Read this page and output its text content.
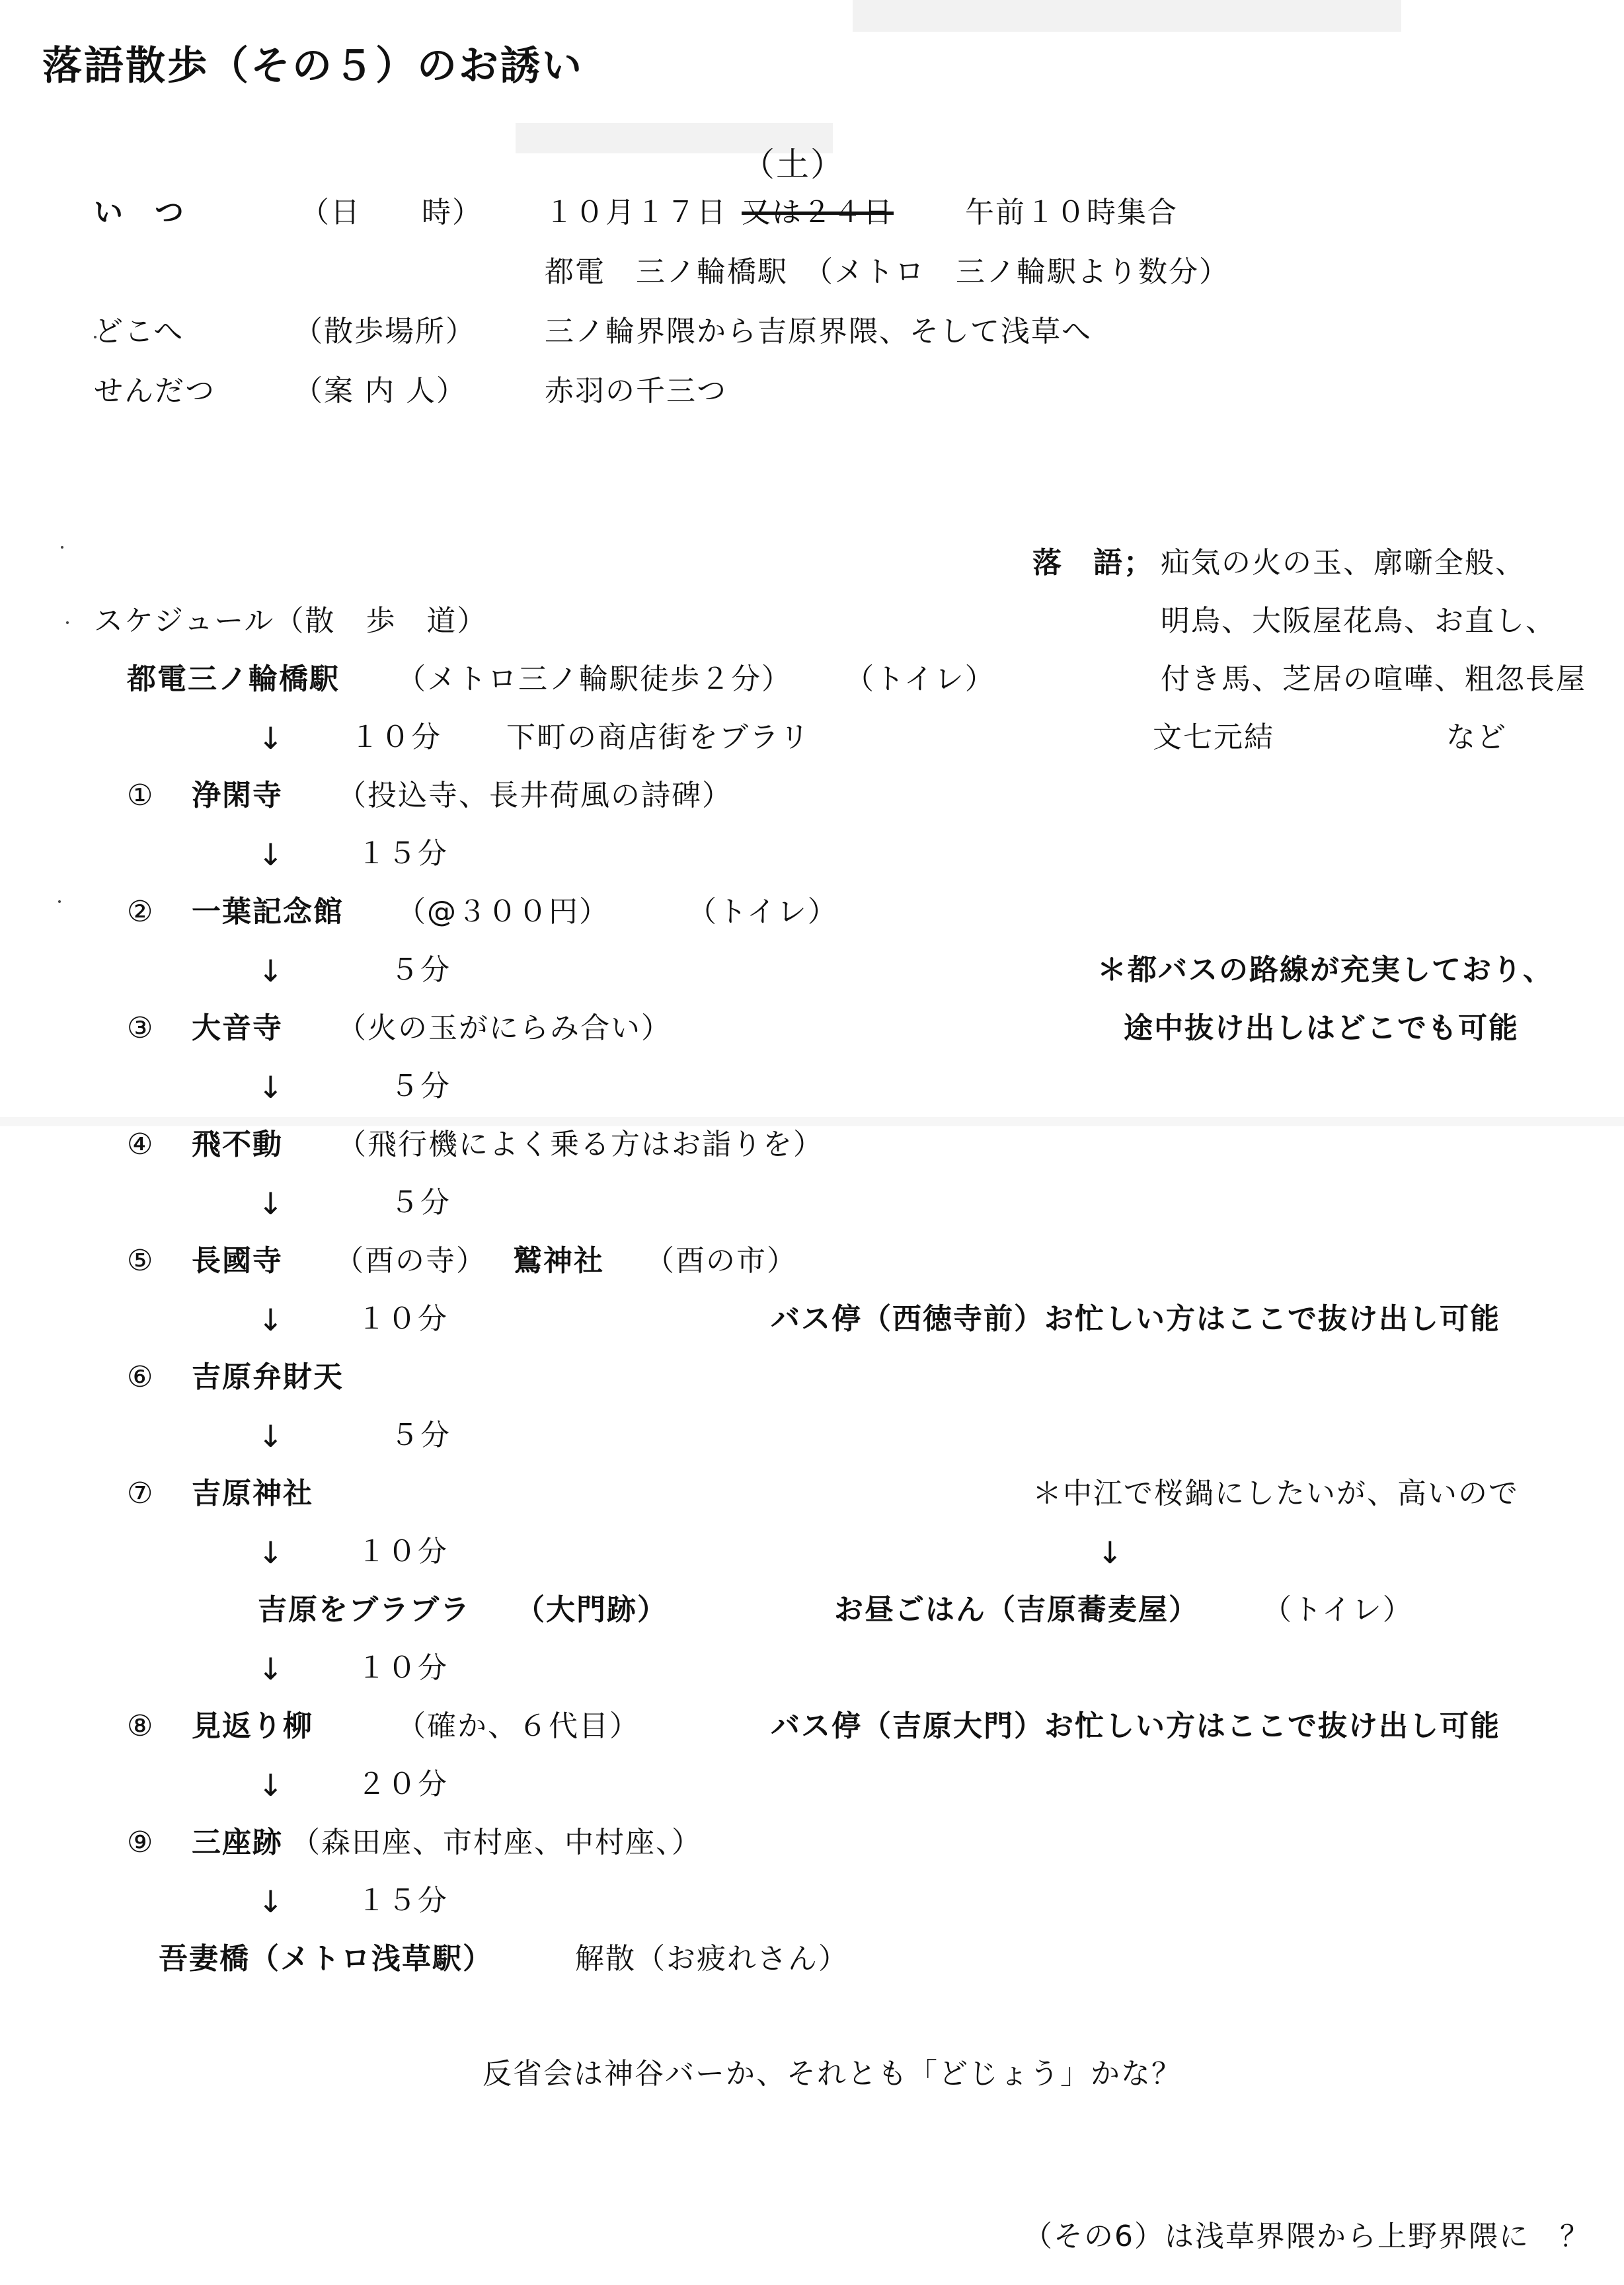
落語散歩（その５）のお誘い
（土）
い　つ	（日　　時） １０月１７日 又は２４日 午前１０時集合
都電　三ノ輪橋駅　（メトロ　三ノ輪駅より数分）
どこへ	（散歩場所） 三ノ輪界隈から吉原界隈、そして浅草へ
せんだつ	（案 内 人）	赤羽の千三つ
落　語； 疝気の火の玉、廓噺全般、
明烏、大阪屋花鳥、お直し、
付き馬、芝居の喧嘩、粗忽長屋
文七元結	など
スケジュール（散　歩　道）
都電三ノ輪橋駅 （メトロ三ノ輪駅徒歩２分） （トイレ）
↓ １０分 下町の商店街をブラリ
① 浄閑寺 （投込寺、長井荷風の詩碑）
↓ １５分
② 一葉記念館 （@３００円）	（トイレ）
↓	５分	＊都バスの路線が充実しており、
途中抜け出しはどこでも可能
③ 大音寺 （火の玉がにらみ合い）
↓	５分
④ 飛不動 （飛行機によく乗る方はお詣りを）
↓	５分
⑤ 長國寺 （酉の寺） 鷲神社 （酉の市）
↓ １０分	バス停（西徳寺前）お忙しい方はここで抜け出し可能
⑥ 吉原弁財天
↓	５分
⑦ 吉原神社	＊中江で桜鍋にしたいが、高いので
↓ １０分	↓
吉原をブラブラ （大門跡）	お昼ごはん（吉原蕎麦屋） （トイレ）
↓ １０分
⑧ 見返り柳	（確か、６代目）	バス停（吉原大門）お忙しい方はここで抜け出し可能
↓ ２０分
⑨ 三座跡 （森田座、市村座、中村座、）
↓ １５分
吾妻橋（メトロ浅草駅）	解散（お疲れさん）
反省会は神谷バーか、それとも「どじょう」かな？
（その6）は浅草界隈から上野界隈に　？
